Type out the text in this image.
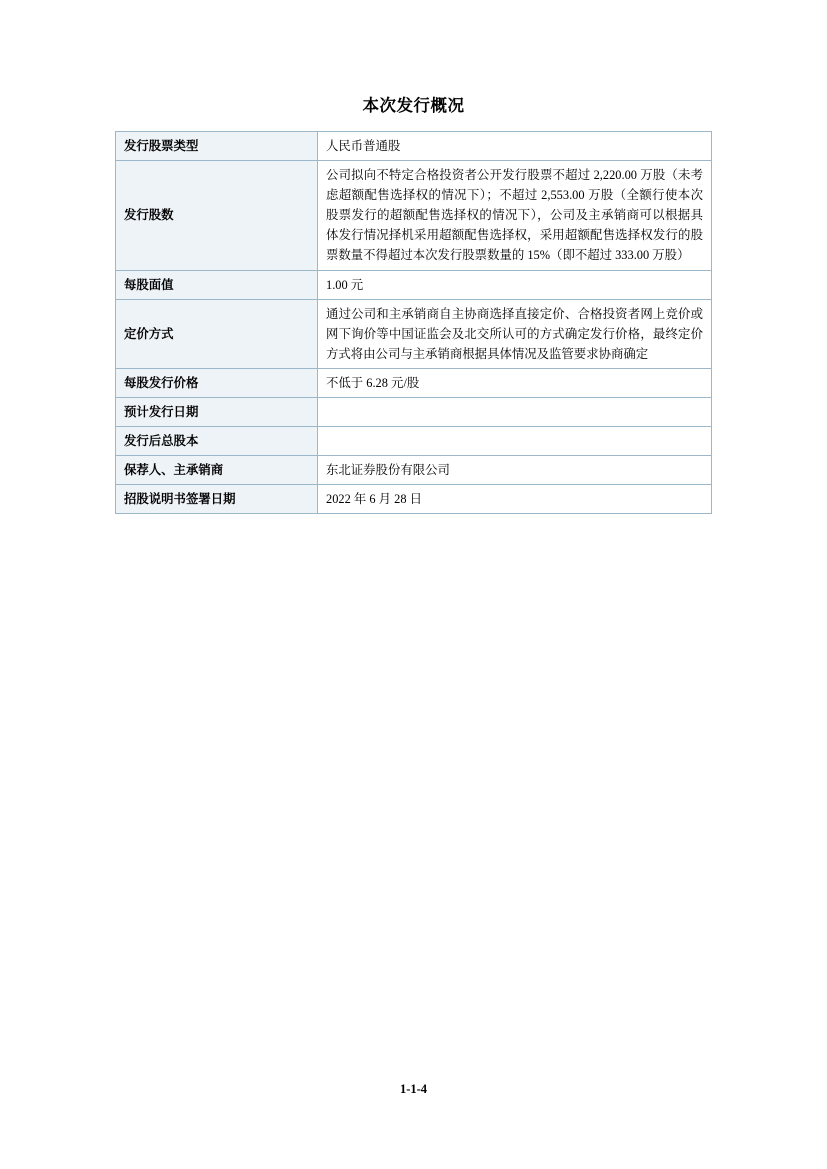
本次发行概况
发行股票类型	人民币普通股
发行股数	公司拟向不特定合格投资者公开发行股票不超过 2,220.00 万股（未考虑超额配售选择权的情况下）；不超过 2,553.00 万股（全额行使本次股票发行的超额配售选择权的情况下），公司及主承销商可以根据具体发行情况择机采用超额配售选择权，采用超额配售选择权发行的股票数量不得超过本次发行股票数量的 15%（即不超过 333.00 万股）
每股面值	1.00 元
定价方式	通过公司和主承销商自主协商选择直接定价、合格投资者网上竞价或网下询价等中国证监会及北交所认可的方式确定发行价格，最终定价方式将由公司与主承销商根据具体情况及监管要求协商确定
每股发行价格	不低于 6.28 元/股
预计发行日期	
发行后总股本	
保荐人、主承销商	东北证券股份有限公司
招股说明书签署日期	2022 年 6 月 28 日
1-1-4
